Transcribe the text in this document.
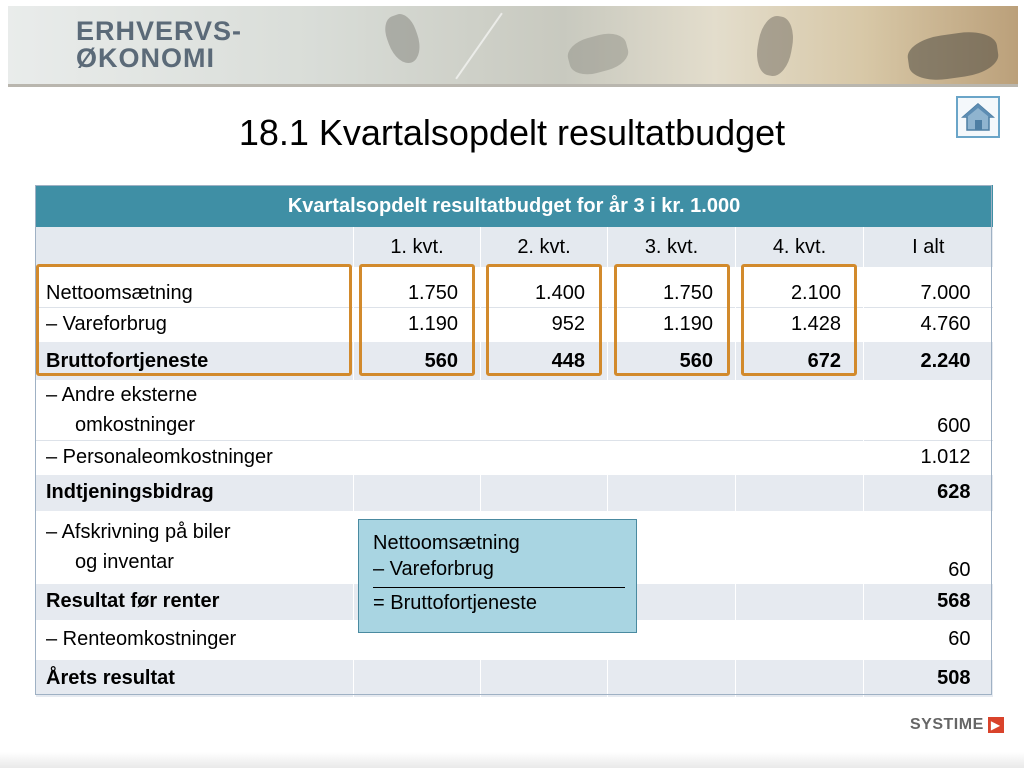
ERHVERVS-
ØKONOMI
18.1 Kvartalsopdelt resultatbudget
Kvartalsopdelt resultatbudget for år 3 i kr. 1.000					
	1. kvt.	2. kvt.	3. kvt.	4. kvt.	I alt
Nettoomsætning	1.750	1.400	1.750	2.100	7.000
– Vareforbrug	1.190	952	1.190	1.428	4.760
Bruttofortjeneste	560	448	560	672	2.240

– Andre eksterne
omkostninger					600
– Personaleomkostninger					1.012
Indtjeningsbidrag					628

– Afskrivning på biler
og inventar					60
Resultat før renter					568
– Renteomkostninger					60
Årets resultat					508
Nettoomsætning
– Vareforbrug
= Bruttofortjeneste
SYSTIME ▶
